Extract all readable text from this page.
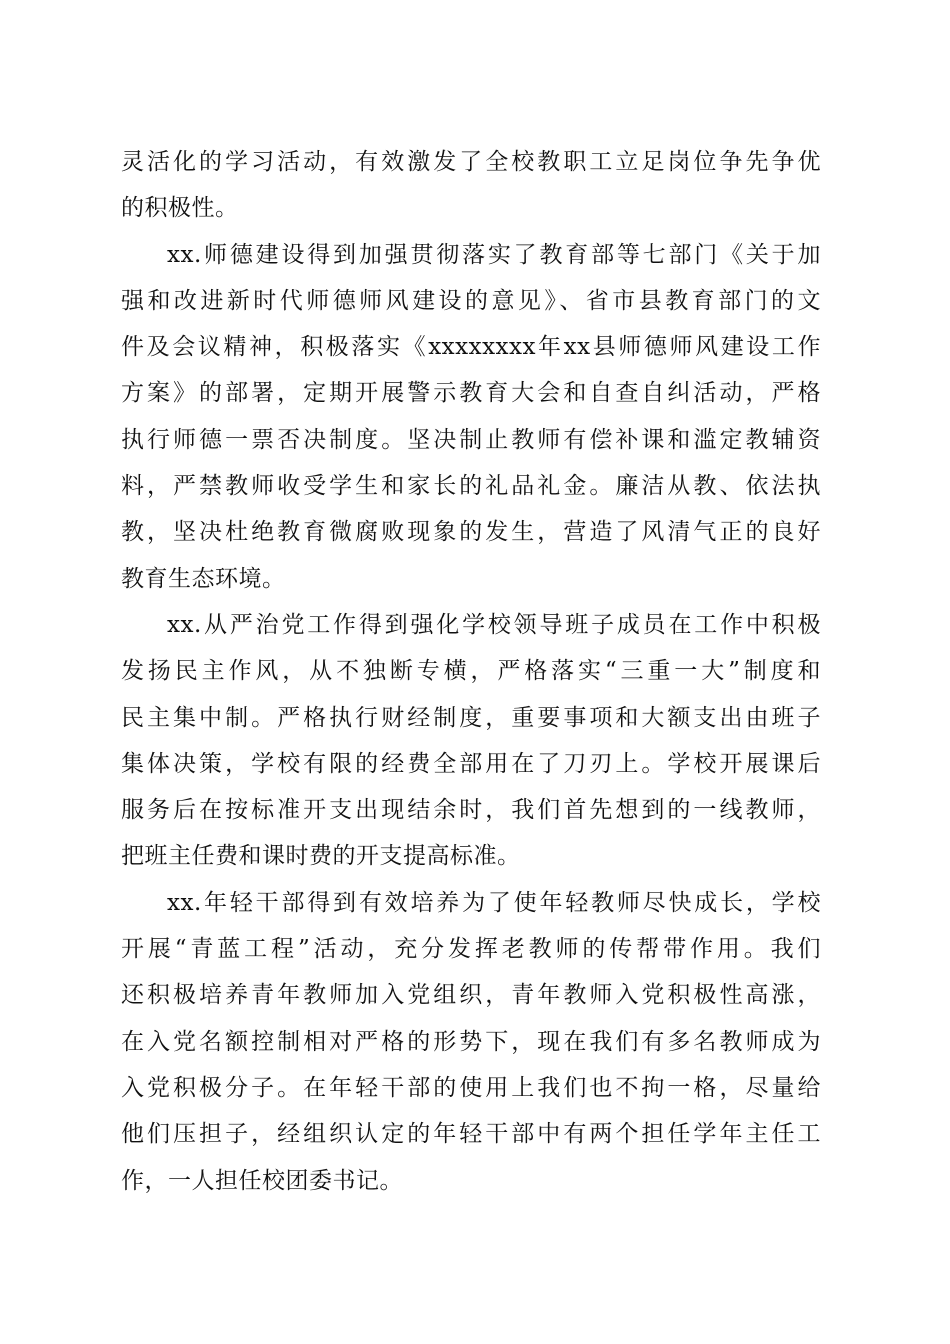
灵活化的学习活动，有效激发了全校教职工立足岗位争先争优
的积极性。
xx.师德建设得到加强贯彻落实了教育部等七部门《关于加
强和改进新时代师德师风建设的意见》、省市县教育部门的文
件及会议精神，积极落实《xxxxxxxx年xx县师德师风建设工作
方案》的部署，定期开展警示教育大会和自查自纠活动，严格
执行师德一票否决制度。坚决制止教师有偿补课和滥定教辅资
料，严禁教师收受学生和家长的礼品礼金。廉洁从教、依法执
教，坚决杜绝教育微腐败现象的发生，营造了风清气正的良好
教育生态环境。
xx.从严治党工作得到强化学校领导班子成员在工作中积极
发扬民主作风，从不独断专横，严格落实“三重一大”制度和
民主集中制。严格执行财经制度，重要事项和大额支出由班子
集体决策，学校有限的经费全部用在了刀刃上。学校开展课后
服务后在按标准开支出现结余时，我们首先想到的一线教师，
把班主任费和课时费的开支提高标准。
xx.年轻干部得到有效培养为了使年轻教师尽快成长，学校
开展“青蓝工程”活动，充分发挥老教师的传帮带作用。我们
还积极培养青年教师加入党组织，青年教师入党积极性高涨，
在入党名额控制相对严格的形势下，现在我们有多名教师成为
入党积极分子。在年轻干部的使用上我们也不拘一格，尽量给
他们压担子，经组织认定的年轻干部中有两个担任学年主任工
作，一人担任校团委书记。
